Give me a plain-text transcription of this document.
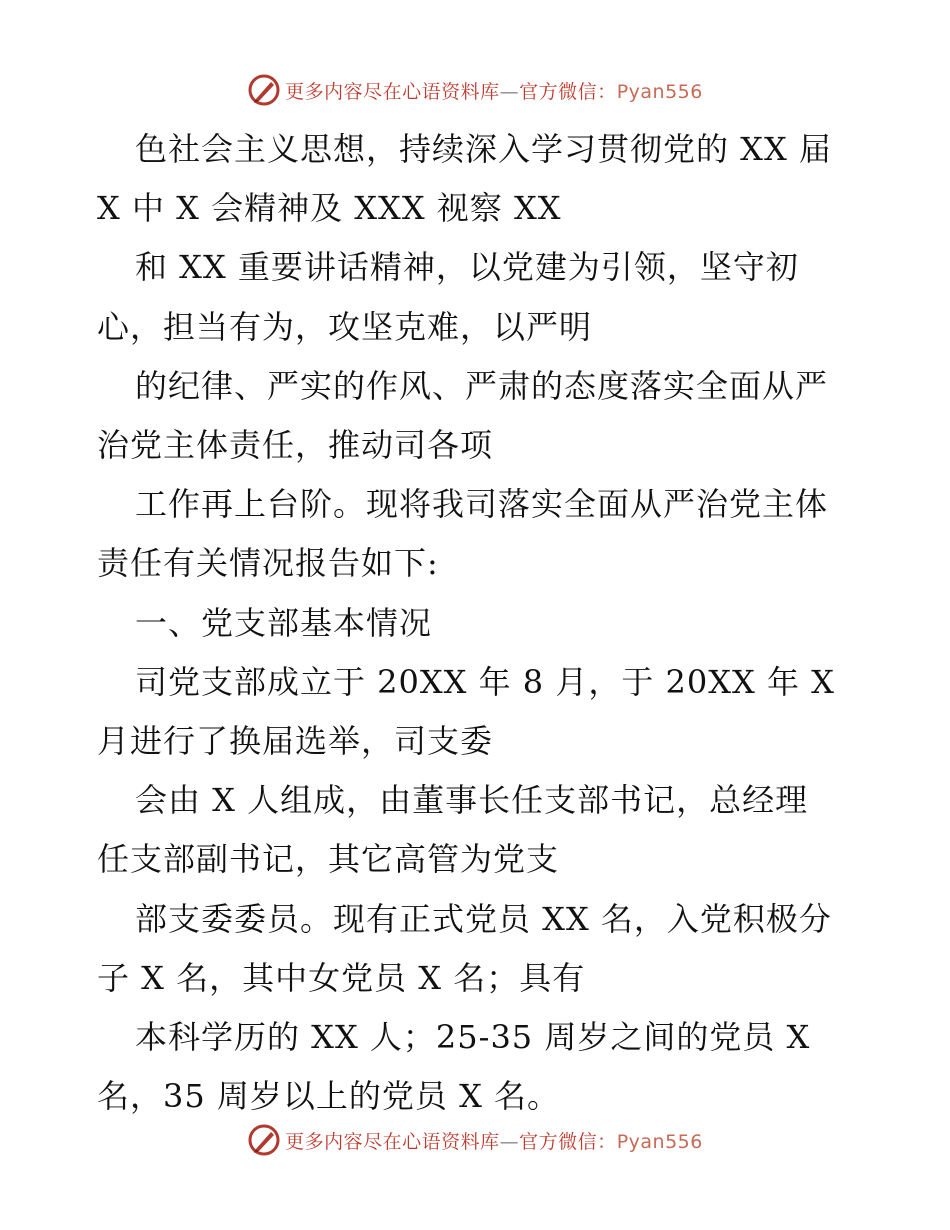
更多内容尽在心语资料库—官方微信：Pyan556

色社会主义思想，持续深入学习贯彻党的 XX 届

X 中 X 会精神及 XXX 视察 XX

和 XX 重要讲话精神，以党建为引领，坚守初

心，担当有为，攻坚克难，以严明

的纪律、严实的作风、严肃的态度落实全面从严

治党主体责任，推动司各项

工作再上台阶。现将我司落实全面从严治党主体

责任有关情况报告如下:

一、党支部基本情况

司党支部成立于 20XX 年 8 月，于 20XX 年 X

月进行了换届选举，司支委

会由 X 人组成，由董事长任支部书记，总经理

任支部副书记，其它高管为党支

部支委委员。现有正式党员 XX 名，入党积极分

子 X 名，其中女党员 X 名；具有

本科学历的 XX 人；25-35 周岁之间的党员 X

名，35 周岁以上的党员 X 名。

更多内容尽在心语资料库—官方微信：Pyan556
